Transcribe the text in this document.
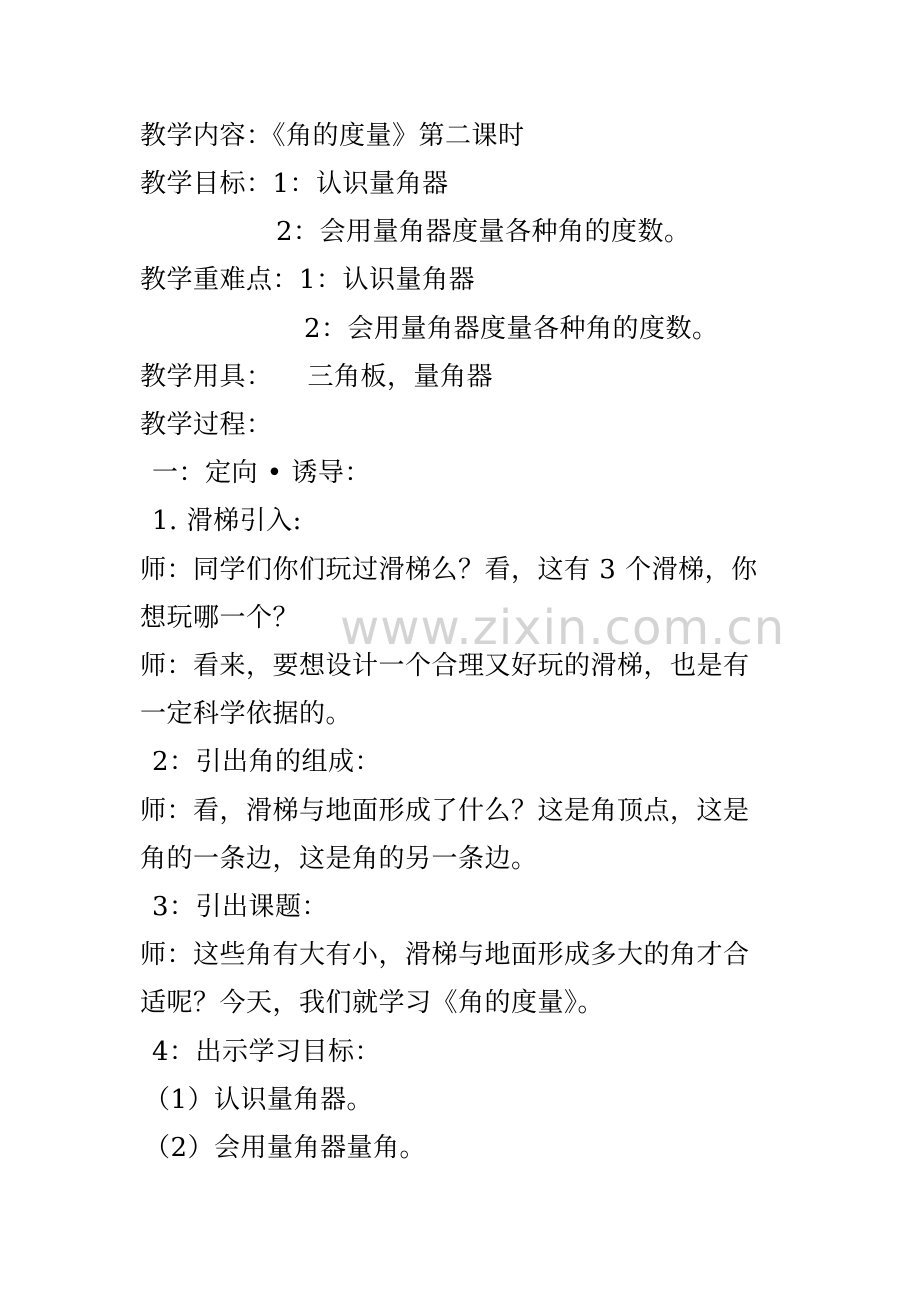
教学内容：《角的度量》第二课时
教学目标：1：认识量角器
2：会用量角器度量各种角的度数。
教学重难点：1：认识量角器
2：会用量角器度量各种角的度数。
教学用具：    三角板，量角器
教学过程：
一：定向 • 诱导：
1. 滑梯引入:
师：同学们你们玩过滑梯么？看，这有 3 个滑梯，你
想玩哪一个？
师：看来，要想设计一个合理又好玩的滑梯，也是有
一定科学依据的。
2：引出角的组成：
师：看，滑梯与地面形成了什么？这是角顶点，这是
角的一条边，这是角的另一条边。
3：引出课题：
师：这些角有大有小，滑梯与地面形成多大的角才合
适呢？今天，我们就学习《角的度量》。
4：出示学习目标：
（1）认识量角器。
（2）会用量角器量角。
www.zixin.com.cn
